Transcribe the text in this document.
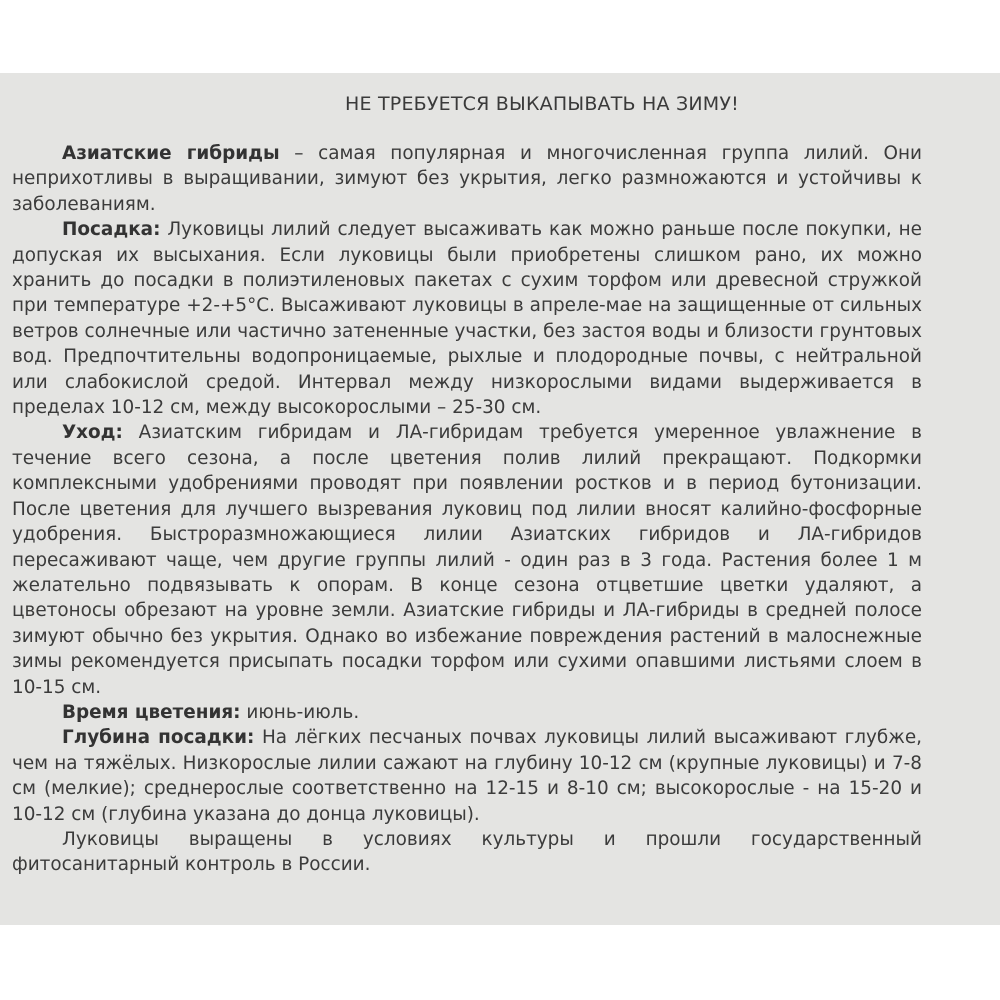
НЕ ТРЕБУЕТСЯ ВЫКАПЫВАТЬ НА ЗИМУ!

Азиатские гибриды – самая популярная и многочисленная группа лилий. Они неприхотливы в выращивании, зимуют без укрытия, легко размножаются и устойчивы к заболеваниям.

Посадка: Луковицы лилий следует высаживать как можно раньше после покупки, не допуская их высыхания. Если луковицы были приобретены слишком рано, их можно хранить до посадки в полиэтиленовых пакетах с сухим торфом или древесной стружкой при температуре +2-+5°С. Высаживают луковицы в апреле-мае на защищенные от сильных ветров солнечные или частично затененные участки, без застоя воды и близости грунтовых вод. Предпочтительны водопроницаемые, рыхлые и плодородные почвы, с нейтральной или слабокислой средой. Интервал между низкорослыми видами выдерживается в пределах 10-12 см, между высокорослыми – 25-30 см.

Уход: Азиатским гибридам и ЛА-гибридам требуется умеренное увлажнение в течение всего сезона, а после цветения полив лилий прекращают. Подкормки комплексными удобрениями проводят при появлении ростков и в период бутонизации. После цветения для лучшего вызревания луковиц под лилии вносят калийно-фосфорные удобрения. Быстроразмножающиеся лилии Азиатских гибридов и ЛА-гибридов пересаживают чаще, чем другие группы лилий - один раз в 3 года. Растения более 1 м желательно подвязывать к опорам. В конце сезона отцветшие цветки удаляют, а цветоносы обрезают на уровне земли. Азиатские гибриды и ЛА-гибриды в средней полосе зимуют обычно без укрытия. Однако во избежание повреждения растений в малоснежные зимы рекомендуется присыпать посадки торфом или сухими опавшими листьями слоем в 10-15 см.

Время цветения: июнь-июль.

Глубина посадки: На лёгких песчаных почвах луковицы лилий высаживают глубже, чем на тяжёлых. Низкорослые лилии сажают на глубину 10-12 см (крупные луковицы) и 7-8 см (мелкие); среднерослые соответственно на 12-15 и 8-10 см; высокорослые - на 15-20 и 10-12 см (глубина указана до донца луковицы).

Луковицы выращены в условиях культуры и прошли государственный фитосанитарный контроль в России.
